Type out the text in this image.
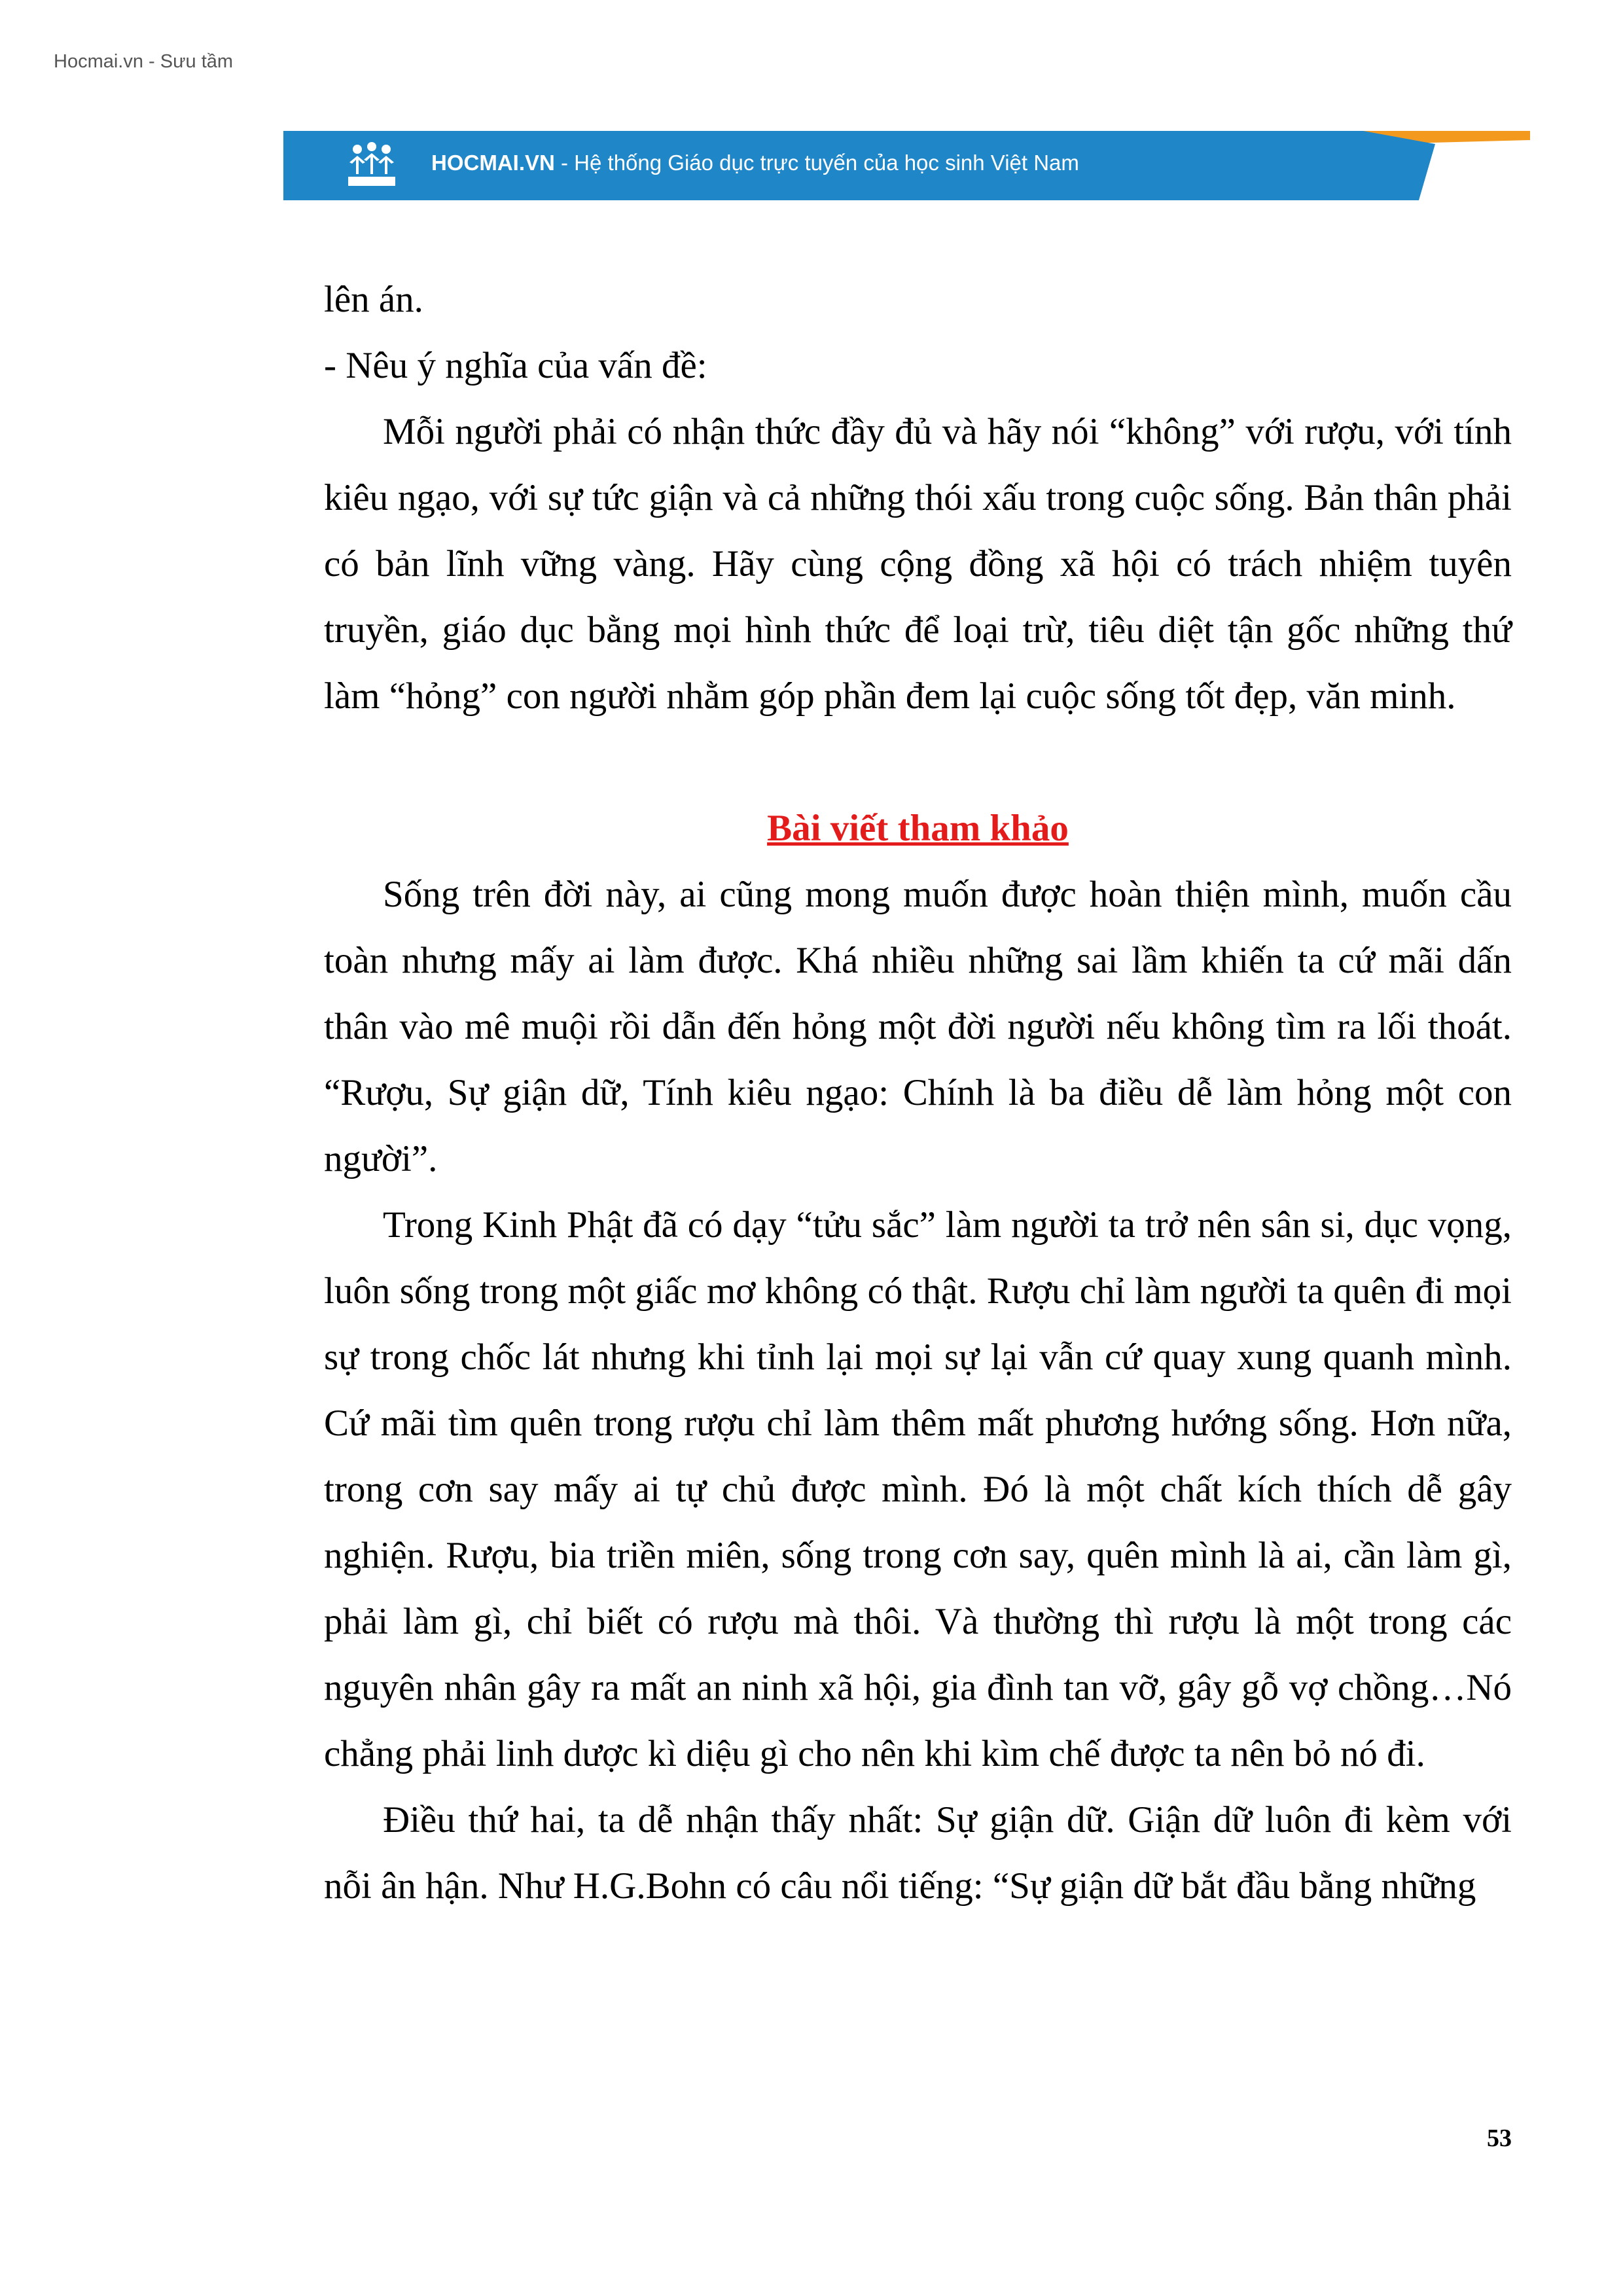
Hocmai.vn - Sưu tầm
HOCMAI.VN - Hệ thống Giáo dục trực tuyến của học sinh Việt Nam

lên án.

- Nêu ý nghĩa của vấn đề:

Mỗi người phải có nhận thức đầy đủ và hãy nói “không” với rượu, với tính kiêu ngạo, với sự tức giận và cả những thói xấu trong cuộc sống. Bản thân phải có bản lĩnh vững vàng. Hãy cùng cộng đồng xã hội có trách nhiệm tuyên truyền, giáo dục bằng mọi hình thức để loại trừ, tiêu diệt tận gốc những thứ làm “hỏng” con người nhằm góp phần đem lại cuộc sống tốt đẹp, văn minh.

Bài viết tham khảo

Sống trên đời này, ai cũng mong muốn được hoàn thiện mình, muốn cầu toàn nhưng mấy ai làm được. Khá nhiều những sai lầm khiến ta cứ mãi dấn thân vào mê muội rồi dẫn đến hỏng một đời người nếu không tìm ra lối thoát. “Rượu, Sự giận dữ, Tính kiêu ngạo: Chính là ba điều dễ làm hỏng một con người”.

Trong Kinh Phật đã có dạy “tửu sắc” làm người ta trở nên sân si, dục vọng, luôn sống trong một giấc mơ không có thật. Rượu chỉ làm người ta quên đi mọi sự trong chốc lát nhưng khi tỉnh lại mọi sự lại vẫn cứ quay xung quanh mình. Cứ mãi tìm quên trong rượu chỉ làm thêm mất phương hướng sống. Hơn nữa, trong cơn say mấy ai tự chủ được mình. Đó là một chất kích thích dễ gây nghiện. Rượu, bia triền miên, sống trong cơn say, quên mình là ai, cần làm gì, phải làm gì, chỉ biết có rượu mà thôi. Và thường thì rượu là một trong các nguyên nhân gây ra mất an ninh xã hội, gia đình tan vỡ, gây gỗ vợ chồng…Nó chẳng phải linh dược kì diệu gì cho nên khi kìm chế được ta nên bỏ nó đi.

Điều thứ hai, ta dễ nhận thấy nhất: Sự giận dữ. Giận dữ luôn đi kèm với nỗi ân hận. Như H.G.Bohn có câu nổi tiếng: “Sự giận dữ bắt đầu bằng những

53
